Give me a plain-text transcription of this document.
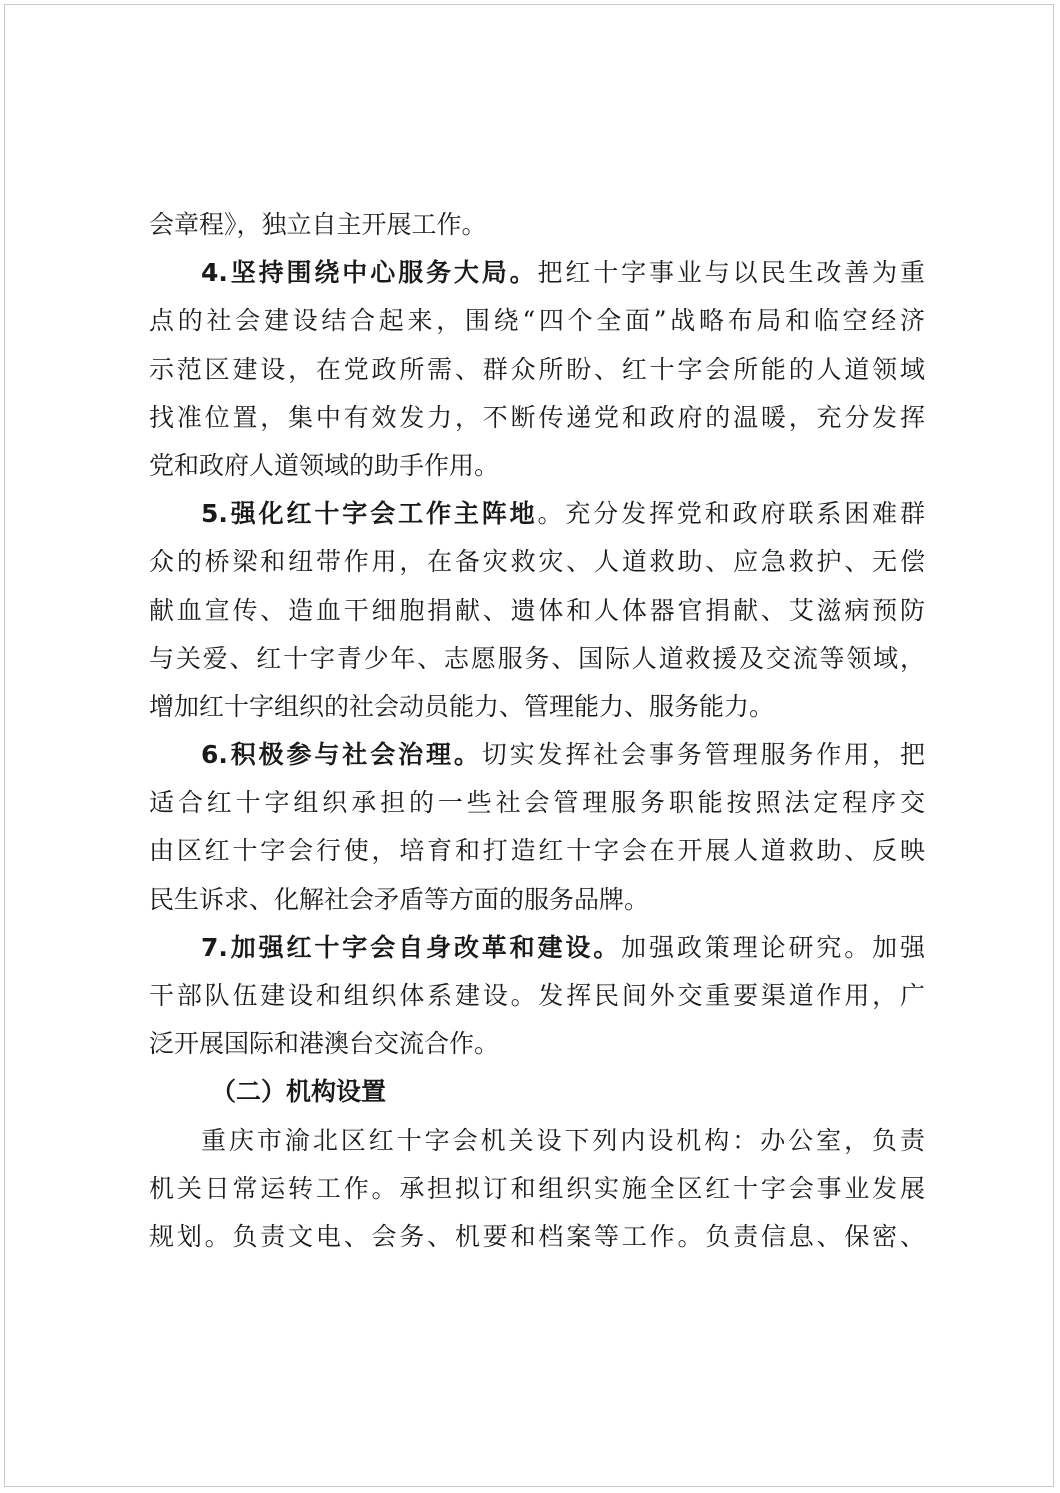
会章程》，独立自主开展工作。
4.坚持围绕中心服务大局。把红十字事业与以民生改善为重
点的社会建设结合起来，围绕“四个全面”战略布局和临空经济
示范区建设，在党政所需、群众所盼、红十字会所能的人道领域
找准位置，集中有效发力，不断传递党和政府的温暖，充分发挥
党和政府人道领域的助手作用。
5.强化红十字会工作主阵地。充分发挥党和政府联系困难群
众的桥梁和纽带作用，在备灾救灾、人道救助、应急救护、无偿
献血宣传、造血干细胞捐献、遗体和人体器官捐献、艾滋病预防
与关爱、红十字青少年、志愿服务、国际人道救援及交流等领域，
增加红十字组织的社会动员能力、管理能力、服务能力。
6.积极参与社会治理。切实发挥社会事务管理服务作用，把
适合红十字组织承担的一些社会管理服务职能按照法定程序交
由区红十字会行使，培育和打造红十字会在开展人道救助、反映
民生诉求、化解社会矛盾等方面的服务品牌。
7.加强红十字会自身改革和建设。加强政策理论研究。加强
干部队伍建设和组织体系建设。发挥民间外交重要渠道作用，广
泛开展国际和港澳台交流合作。
（二）机构设置
重庆市渝北区红十字会机关设下列内设机构：办公室，负责
机关日常运转工作。承担拟订和组织实施全区红十字会事业发展
规划。负责文电、会务、机要和档案等工作。负责信息、保密、
